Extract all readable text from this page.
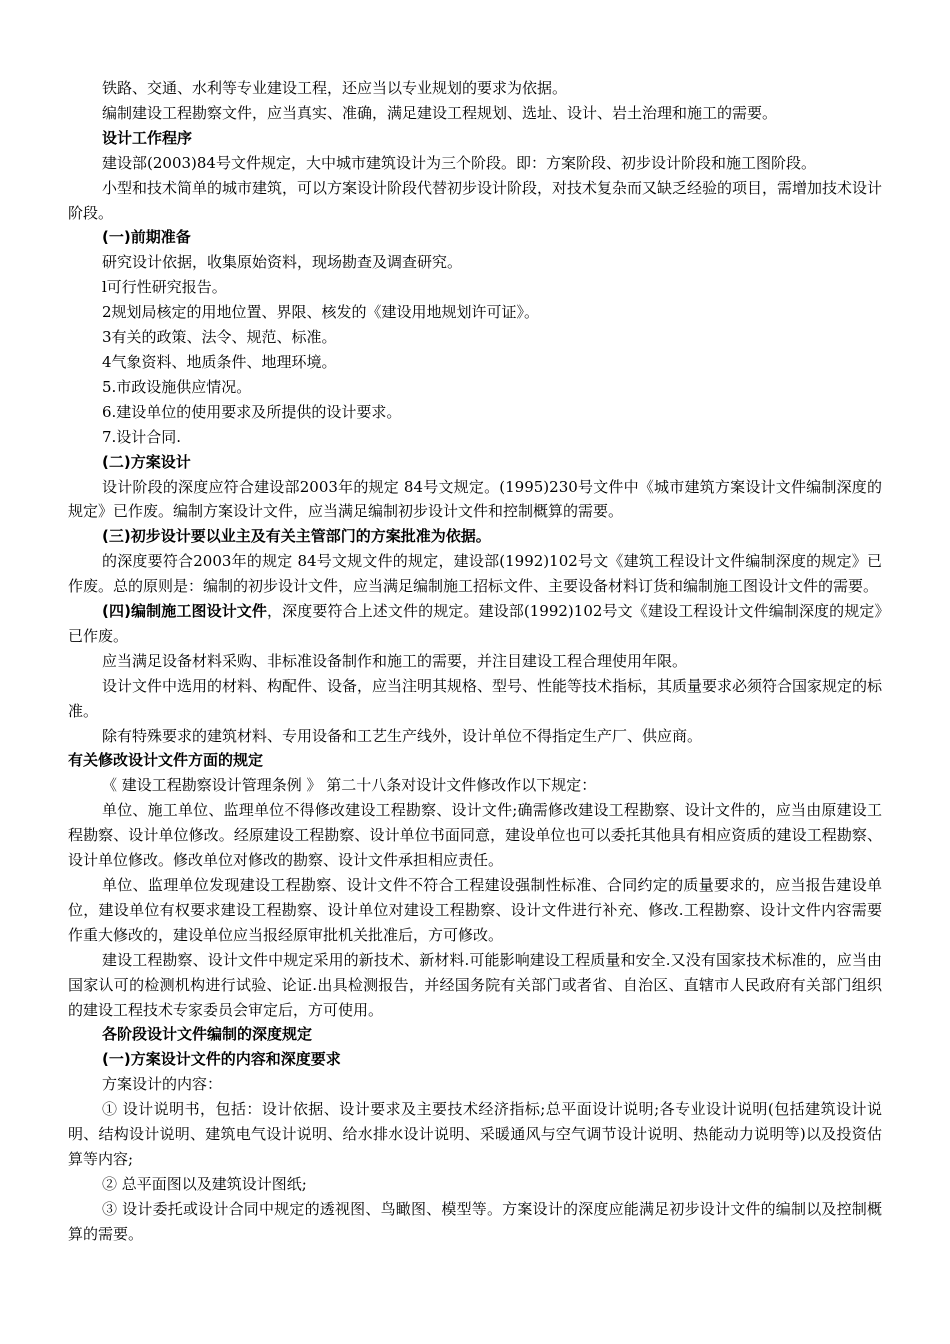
铁路、交通、水利等专业建设工程，还应当以专业规划的要求为依据。

编制建设工程勘察文件，应当真实、准确，满足建设工程规划、选址、设计、岩土治理和施工的需要。

设计工作程序

建设部(2003)84号文件规定，大中城市建筑设计为三个阶段。即：方案阶段、初步设计阶段和施工图阶段。

小型和技术简单的城市建筑，可以方案设计阶段代替初步设计阶段，对技术复杂而又缺乏经验的项目，需增加技术设计阶段。

(一)前期准备

研究设计依据，收集原始资料，现场勘查及调查研究。

l可行性研究报告。

2规划局核定的用地位置、界限、核发的《建设用地规划许可证》。

3有关的政策、法令、规范、标准。

4气象资料、地质条件、地理环境。

5.市政设施供应情况。

6.建设单位的使用要求及所提供的设计要求。

7.设计合同.

(二)方案设计

设计阶段的深度应符合建设部2003年的规定 84号文规定。(1995)230号文件中《城市建筑方案设计文件编制深度的规定》已作废。编制方案设计文件，应当满足编制初步设计文件和控制概算的需要。

(三)初步设计要以业主及有关主管部门的方案批准为依据。

的深度要符合2003年的规定 84号文规文件的规定，建设部(1992)102号文《建筑工程设计文件编制深度的规定》已作废。总的原则是：编制的初步设计文件，应当满足编制施工招标文件、主要设备材料订货和编制施工图设计文件的需要。

(四)编制施工图设计文件，深度要符合上述文件的规定。建设部(1992)102号文《建设工程设计文件编制深度的规定》已作废。

应当满足设备材料采购、非标准设备制作和施工的需要，并注目建设工程合理使用年限。

设计文件中选用的材料、构配件、设备，应当注明其规格、型号、性能等技术指标，其质量要求必须符合国家规定的标准。

除有特殊要求的建筑材料、专用设备和工艺生产线外，设计单位不得指定生产厂、供应商。

有关修改设计文件方面的规定

《 建设工程勘察设计管理条例 》 第二十八条对设计文件修改作以下规定：

单位、施工单位、监理单位不得修改建设工程勘察、设计文件;确需修改建设工程勘察、设计文件的，应当由原建设工程勘察、设计单位修改。经原建设工程勘察、设计单位书面同意，建设单位也可以委托其他具有相应资质的建设工程勘察、设计单位修改。修改单位对修改的勘察、设计文件承担相应责任。

单位、监理单位发现建设工程勘察、设计文件不符合工程建设强制性标准、合同约定的质量要求的，应当报告建设单位，建设单位有权要求建设工程勘察、设计单位对建设工程勘察、设计文件进行补充、修改.工程勘察、设计文件内容需要作重大修改的，建设单位应当报经原审批机关批准后，方可修改。

建设工程勘察、设计文件中规定采用的新技术、新材料.可能影响建设工程质量和安全.又没有国家技术标准的，应当由国家认可的检测机构进行试验、论证.出具检测报告，并经国务院有关部门或者省、自治区、直辖市人民政府有关部门组织的建设工程技术专家委员会审定后，方可使用。

各阶段设计文件编制的深度规定

(一)方案设计文件的内容和深度要求

方案设计的内容：

① 设计说明书，包括：设计依据、设计要求及主要技术经济指标;总平面设计说明;各专业设计说明(包括建筑设计说明、结构设计说明、建筑电气设计说明、给水排水设计说明、采暖通风与空气调节设计说明、热能动力说明等)以及投资估算等内容;

② 总平面图以及建筑设计图纸;

③ 设计委托或设计合同中规定的透视图、鸟瞰图、模型等。方案设计的深度应能满足初步设计文件的编制以及控制概算的需要。
